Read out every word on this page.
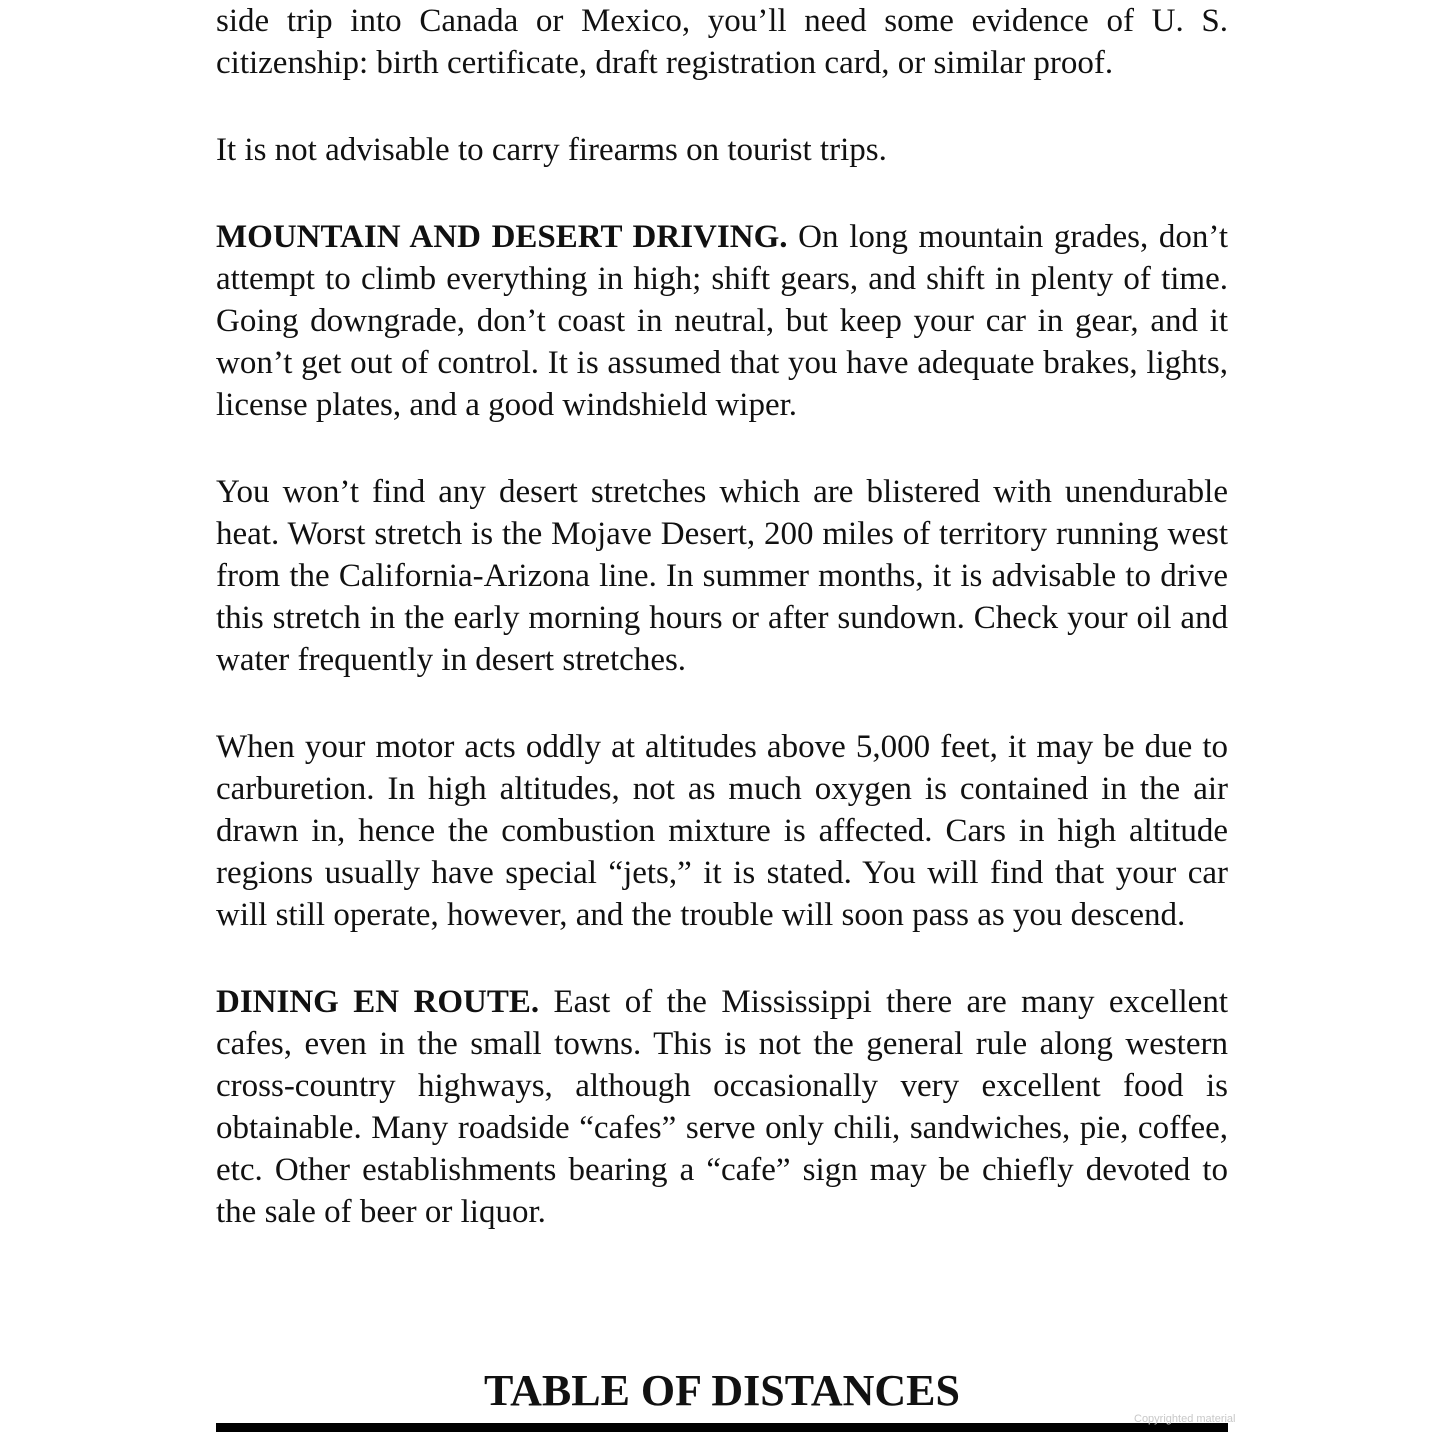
side trip into Canada or Mexico, you’ll need some evidence of U. S. citizenship: birth certificate, draft registration card, or similar proof.

It is not advisable to carry firearms on tourist trips.

MOUNTAIN AND DESERT DRIVING. On long mountain grades, don’t attempt to climb everything in high; shift gears, and shift in plenty of time. Going downgrade, don’t coast in neutral, but keep your car in gear, and it won’t get out of control. It is assumed that you have adequate brakes, lights, license plates, and a good windshield wiper.

You won’t find any desert stretches which are blistered with unendurable heat. Worst stretch is the Mojave Desert, 200 miles of territory running west from the California-Arizona line. In summer months, it is advisable to drive this stretch in the early morning hours or after sundown. Check your oil and water frequently in desert stretches.

When your motor acts oddly at altitudes above 5,000 feet, it may be due to carburetion. In high altitudes, not as much oxygen is contained in the air drawn in, hence the combustion mixture is affected. Cars in high altitude regions usually have special “jets,” it is stated. You will find that your car will still operate, however, and the trouble will soon pass as you descend.

DINING EN ROUTE. East of the Mississippi there are many excellent cafes, even in the small towns. This is not the general rule along western cross-country highways, although occasionally very excellent food is obtainable. Many roadside “cafes” serve only chili, sandwiches, pie, coffee, etc. Other establishments bearing a “cafe” sign may be chiefly devoted to the sale of beer or liquor.

TABLE OF DISTANCES
Copyrighted material
